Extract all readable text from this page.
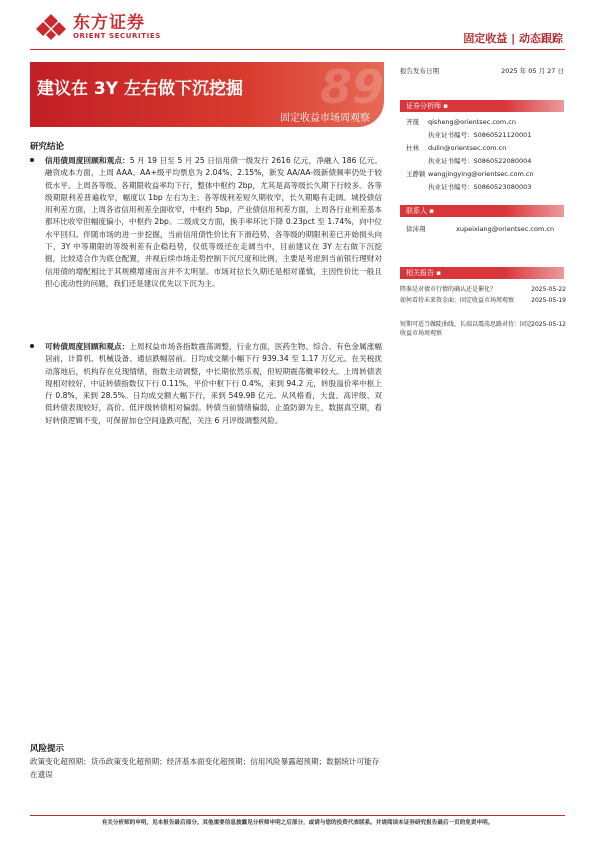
东方证券
ORIENT SECURITIES	固定收益 | 动态跟踪
89
建议在 3Y 左右做下沉挖掘
固定收益市场周观察
报告发布日期	2025 年 05 月 27 日
证券分析师 ▪
齐晟 qisheng@orientsec.com.cn
执业证书编号：S0860521120001
杜林 dulin@orientsec.com.cn
执业证书编号：S0860522080004
王静颖 wangjingying@orientsec.com.cn
执业证书编号：S0860523080003
联系人 ▪
徐沛翔	xupeixiang@orientsec.com.cn
相关报告 ▪
降准是对债市行情的确认还是催化？	2025-05-22
如何看待未来资金面：固定收益市场周观察	2025-05-19
短期可适当做陡曲线，长端以震荡思路对待：固定收益市场周观察
2025-05-12
研究结论
信用债周度回顾和观点：5 月 19 日至 5 月 25 日信用债一级发行 2616 亿元，净融入 186 亿元。融资成本方面，上周 AAA、AA+级平均票息为 2.04%、2.15%，新发 AA/AA-级新债频率仍处于较低水平。上周各等级、各期限收益率均下行，整体中枢约 2bp，尤其是高等级长久期下行较多。各等级期限利差普遍收窄，幅度以 1bp 左右为主；各等级利差短久期收窄，长久期略有走阔。城投债信用利差方面，上周各省信用利差全面收窄，中枢约 5bp，产业债信用利差方面，上周各行业利差基本都环比收窄但幅度偏小，中枢约 2bp。二级成交方面，换手率环比下降 0.23pct 至 1.74%，向中位水平回归。伴随市场的进一步挖掘，当前信用债性价比有下滑趋势，各等级的期限利差已开始损头向下，3Y 中等期限的等级利差有企稳趋势，仅低等级还在走阔当中，目前建议在 3Y 左右做下沉挖掘，比较适合作为底仓配置，并视后续市场走势控制下沉尺度和比例，主要是考虑到当前银行理财对信用债的增配相比于其规模增速而言并不太明显。市场对拉长久期还是相对谨慎，主因性价比一般且担心流动性的问题，我们还是建议优先以下沉为主。
可转债周度回顾和观点：上周权益市场各指数震荡调整，行业方面，医药生物、综合、有色金属涨幅居前，计算机、机械设备、通信跌幅居前。日均成交额小幅下行 939.34 至 1.17 万亿元。在关税扰动落地后，机构存在兑现情绪，指数主动调整，中长期依然乐观，但短期震荡概率较大。上周转债表现相对较好，中证转债指数仅下行 0.11%，平价中枢下行 0.4%，来到 94.2 元，转股溢价率中枢上行 0.8%，来到 28.5%。日均成交额大幅下行，来到 549.98 亿元。从风格看，大盘、高评级、双低转债表现较好，高价、低评级转债相对偏弱。转债当前情绪偏弱，止盈防御为主，数据真空期，看好转债逻辑不变，可保留加仓空间逢跌可配，关注 6 月评级调整风险。
风险提示
政策变化超预期；货币政策变化超预期；经济基本面变化超预期；信用风险暴露超预期；数据统计可能存在遗误
有关分析师的申明，见本报告最后部分。其他重要信息披露见分析师申明之后部分，或请与您的投资代表联系。并请阅读本证券研究报告最后一页的免责申明。
